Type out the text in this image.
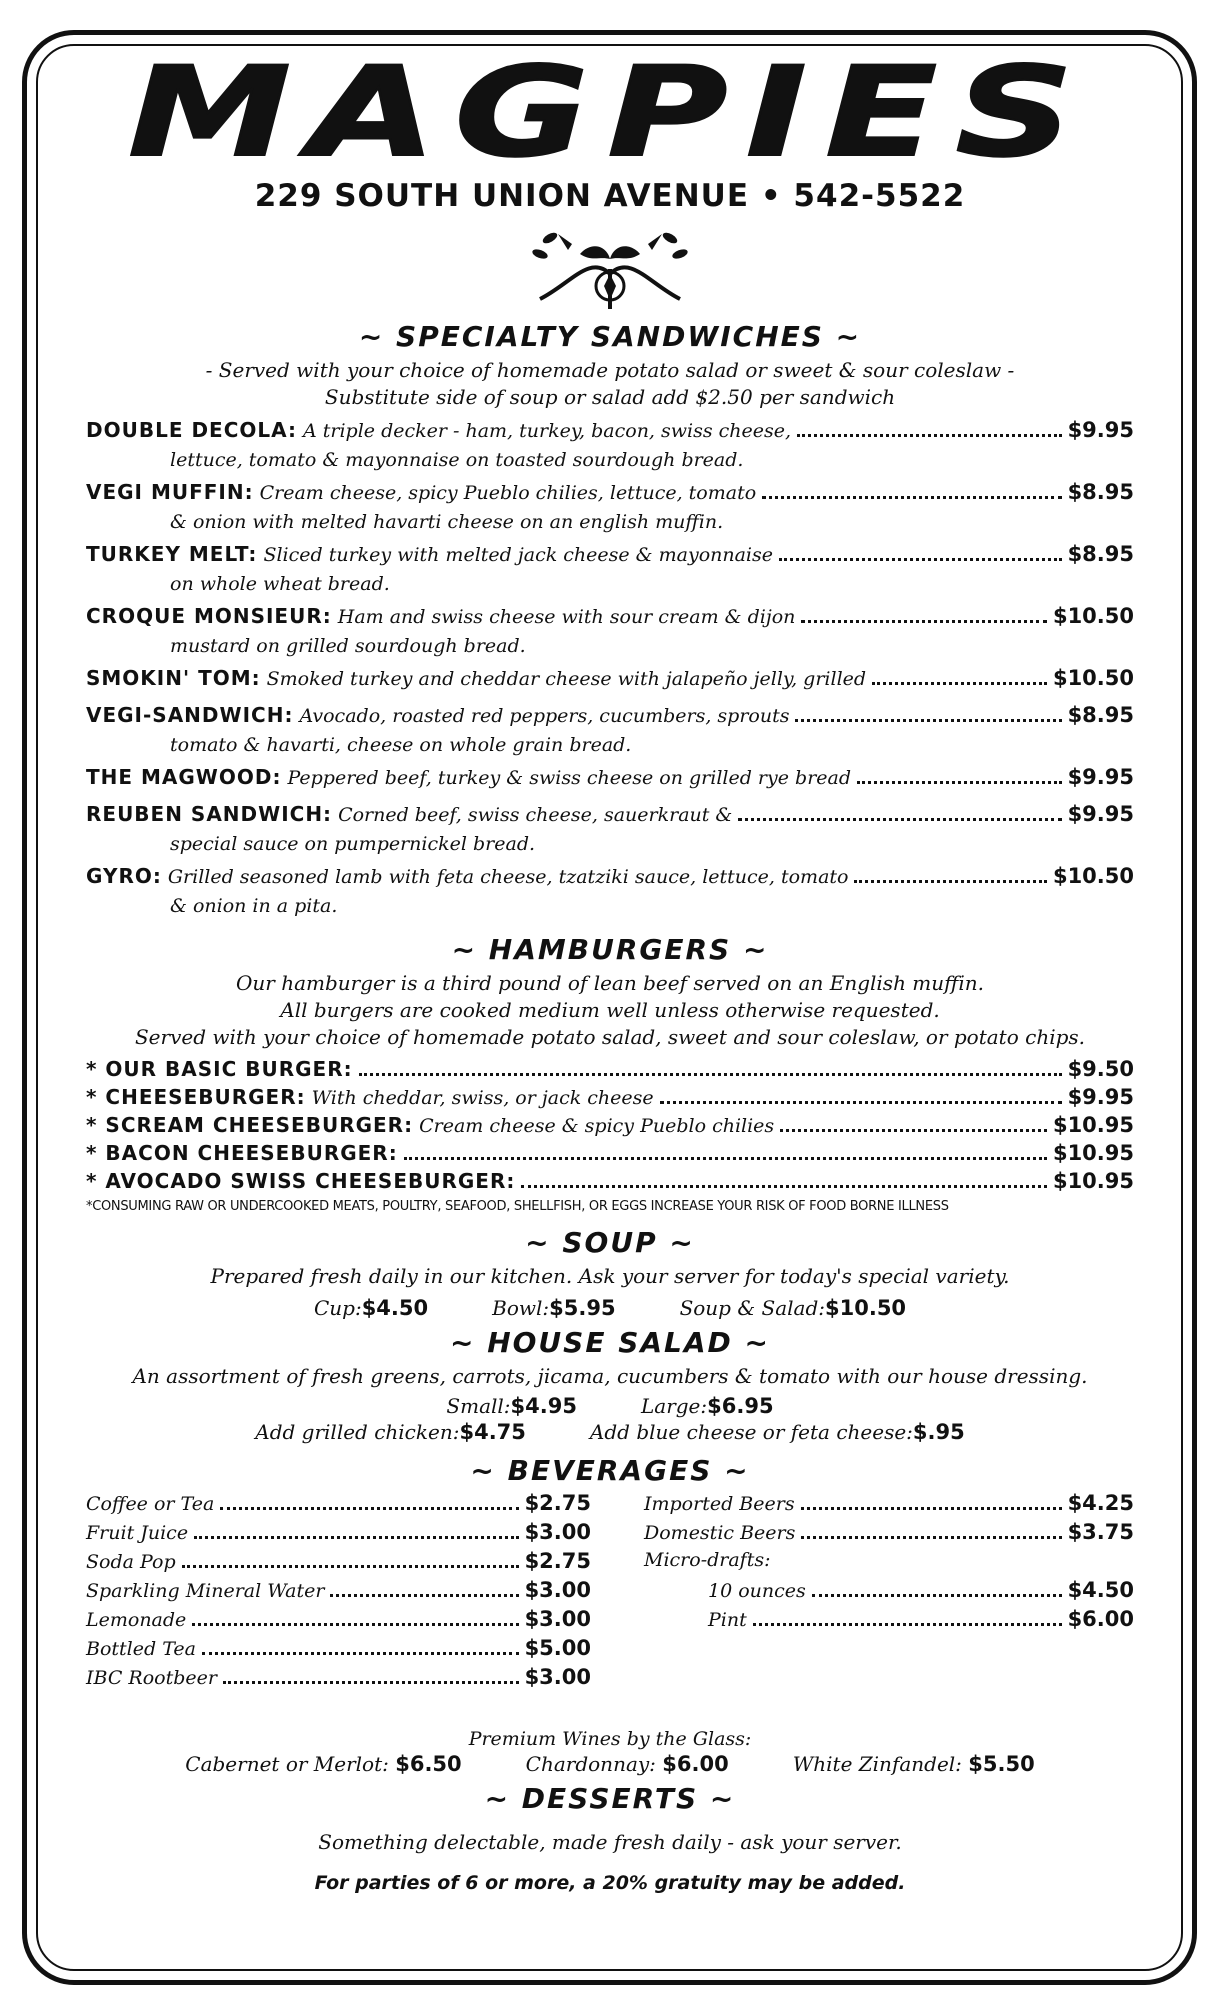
MAGPIES
229 SOUTH UNION AVENUE • 542-5522
~ SPECIALTY SANDWICHES ~
- Served with your choice of homemade potato salad or sweet & sour coleslaw -
Substitute side of soup or salad add $2.50 per sandwich
DOUBLE DECOLA: A triple decker - ham, turkey, bacon, swiss cheese,	$9.95
lettuce, tomato & mayonnaise on toasted sourdough bread.
VEGI MUFFIN: Cream cheese, spicy Pueblo chilies, lettuce, tomato	$8.95
& onion with melted havarti cheese on an english muffin.
TURKEY MELT: Sliced turkey with melted jack cheese & mayonnaise	$8.95
on whole wheat bread.
CROQUE MONSIEUR: Ham and swiss cheese with sour cream & dijon	$10.50
mustard on grilled sourdough bread.
SMOKIN' TOM: Smoked turkey and cheddar cheese with jalapeño jelly, grilled	$10.50
VEGI-SANDWICH: Avocado, roasted red peppers, cucumbers, sprouts	$8.95
tomato & havarti, cheese on whole grain bread.
THE MAGWOOD: Peppered beef, turkey & swiss cheese on grilled rye bread	$9.95
REUBEN SANDWICH: Corned beef, swiss cheese, sauerkraut &	$9.95
special sauce on pumpernickel bread.
GYRO: Grilled seasoned lamb with feta cheese, tzatziki sauce, lettuce, tomato	$10.50
& onion in a pita.
~ HAMBURGERS ~
Our hamburger is a third pound of lean beef served on an English muffin.
All burgers are cooked medium well unless otherwise requested.
Served with your choice of homemade potato salad, sweet and sour coleslaw, or potato chips.
* OUR BASIC BURGER:	$9.50
* CHEESEBURGER: With cheddar, swiss, or jack cheese	$9.95
* SCREAM CHEESEBURGER: Cream cheese & spicy Pueblo chilies	$10.95
* BACON CHEESEBURGER:	$10.95
* AVOCADO SWISS CHEESEBURGER:	$10.95
*CONSUMING RAW OR UNDERCOOKED MEATS, POULTRY, SEAFOOD, SHELLFISH, OR EGGS INCREASE YOUR RISK OF FOOD BORNE ILLNESS
~ SOUP ~
Prepared fresh daily in our kitchen. Ask your server for today's special variety.
Cup:$4.50	Bowl:$5.95	Soup & Salad:$10.50
~ HOUSE SALAD ~
An assortment of fresh greens, carrots, jicama, cucumbers & tomato with our house dressing.
Small:$4.95	Large:$6.95
Add grilled chicken:$4.75	Add blue cheese or feta cheese:$.95
~ BEVERAGES ~
Coffee or Tea	$2.75
Fruit Juice	$3.00
Soda Pop	$2.75
Sparkling Mineral Water	$3.00
Lemonade	$3.00
Bottled Tea	$5.00
IBC Rootbeer	$3.00
Imported Beers	$4.25
Domestic Beers	$3.75
Micro-drafts:
10 ounces	$4.50
Pint	$6.00
Premium Wines by the Glass:
Cabernet or Merlot: $6.50	Chardonnay: $6.00	White Zinfandel: $5.50
~ DESSERTS ~
Something delectable, made fresh daily - ask your server.
For parties of 6 or more, a 20% gratuity may be added.
